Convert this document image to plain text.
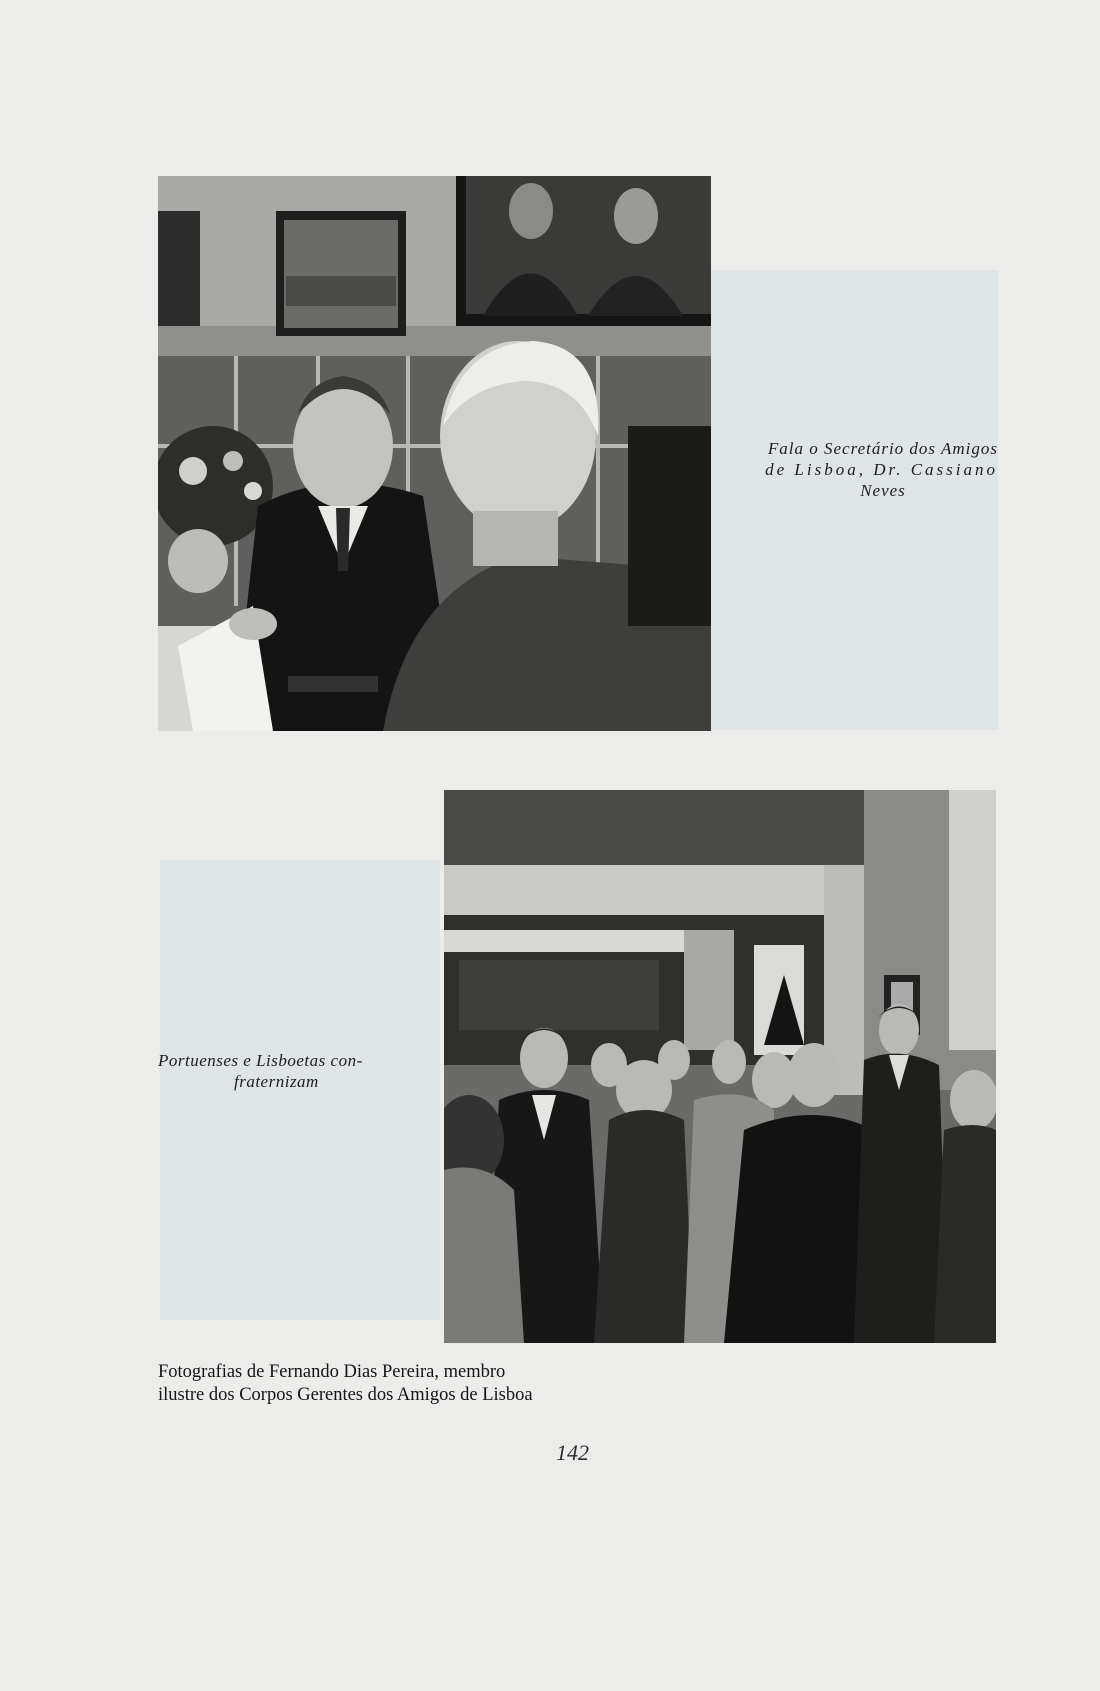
Fala o Secretário dos Amigos
de Lisboa, Dr. Cassiano
Neves
Portuenses e Lisboetas con-
fraternizam
Fotografias de Fernando Dias Pereira, membro
ilustre dos Corpos Gerentes dos Amigos de Lisboa
142
